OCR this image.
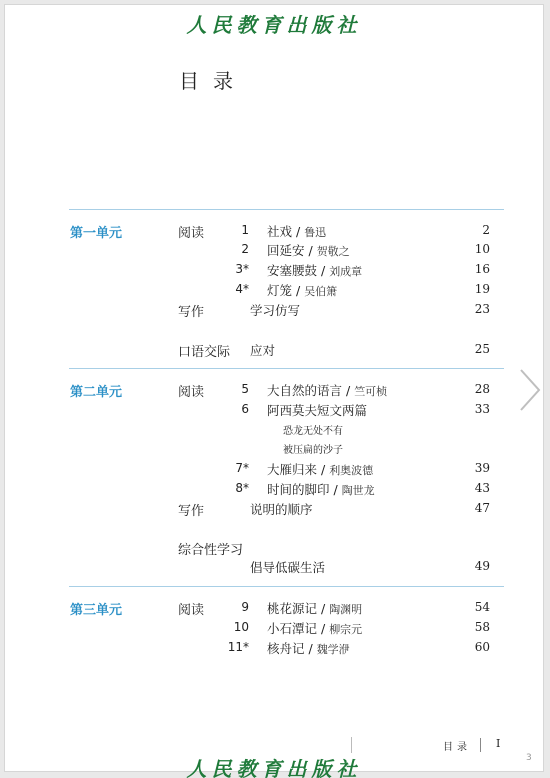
人民教育出版社
目录
第一单元	阅读	1 社戏 / 鲁迅	2
2 回延安 / 贺敬之	10
3* 安塞腰鼓 / 刘成章	16
4* 灯笼 / 吴伯箫	19
写作	学习仿写	23
口语交际 应对	25
第二单元	阅读	5 大自然的语言 / 竺可桢	28
6 阿西莫夫短文两篇	33
恐龙无处不有
被压扁的沙子
7* 大雁归来 / 利奥波德	39
8* 时间的脚印 / 陶世龙	43
写作	说明的顺序	47
综合性学习
倡导低碳生活	49
第三单元	阅读	9 桃花源记 / 陶渊明	54
10 小石潭记 / 柳宗元	58
11* 核舟记 / 魏学洢	60
目录 I
人民教育出版社	3
